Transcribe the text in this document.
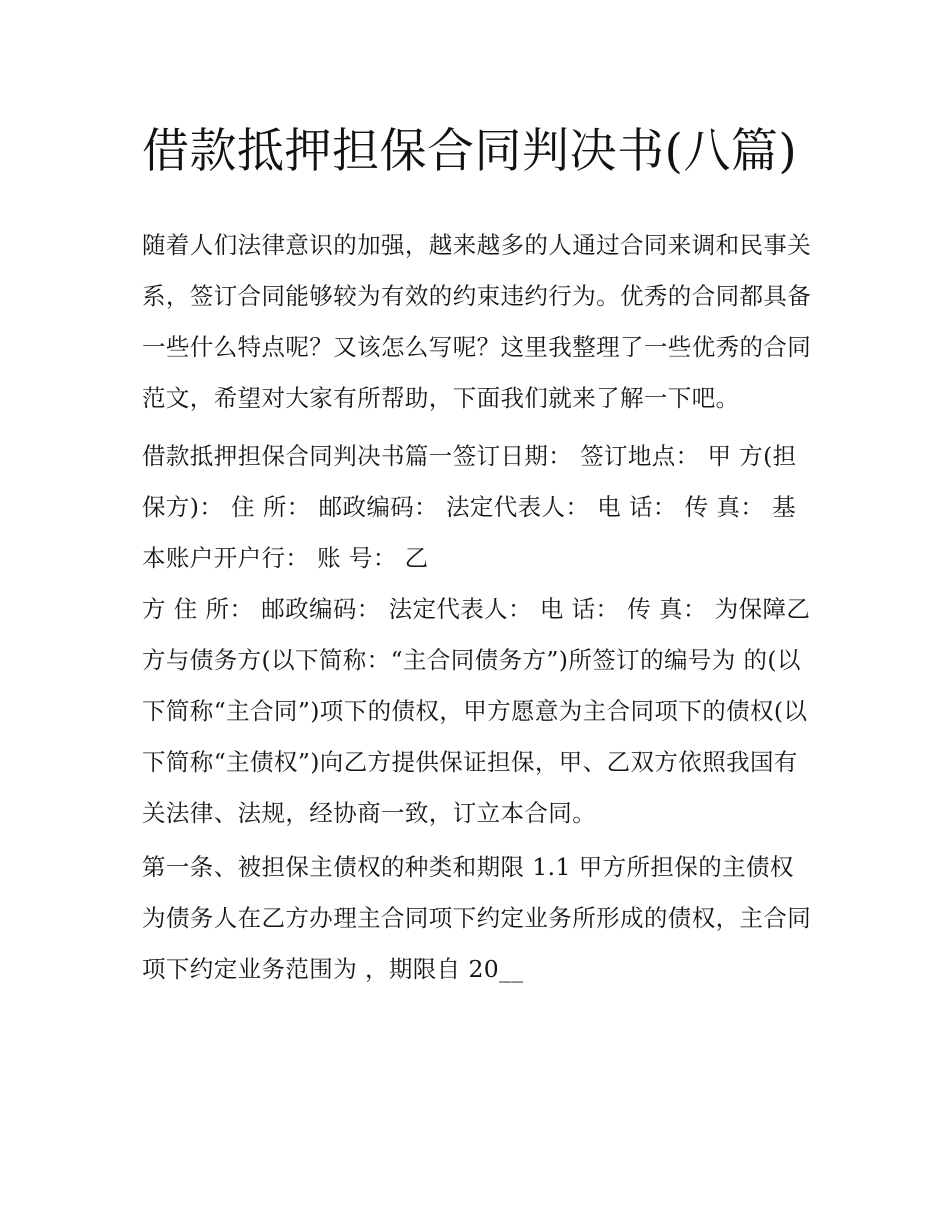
借款抵押担保合同判决书(八篇)

随着人们法律意识的加强，越来越多的人通过合同来调和民事关系，签订合同能够较为有效的约束违约行为。优秀的合同都具备一些什么特点呢？又该怎么写呢？这里我整理了一些优秀的合同范文，希望对大家有所帮助，下面我们就来了解一下吧。

借款抵押担保合同判决书篇一签订日期： 签订地点： 甲 方(担保方)： 住 所： 邮政编码： 法定代表人： 电 话： 传 真： 基本账户开户行： 账 号： 乙

方 住 所： 邮政编码： 法定代表人： 电 话： 传 真： 为保障乙方与债务方(以下简称：“主合同债务方”)所签订的编号为 的(以下简称“主合同”)项下的债权，甲方愿意为主合同项下的债权(以下简称“主债权”)向乙方提供保证担保，甲、乙双方依照我国有关法律、法规，经协商一致，订立本合同。

第一条、被担保主债权的种类和期限 1.1 甲方所担保的主债权为债务人在乙方办理主合同项下约定业务所形成的债权，主合同项下约定业务范围为 ，期限自 20__
